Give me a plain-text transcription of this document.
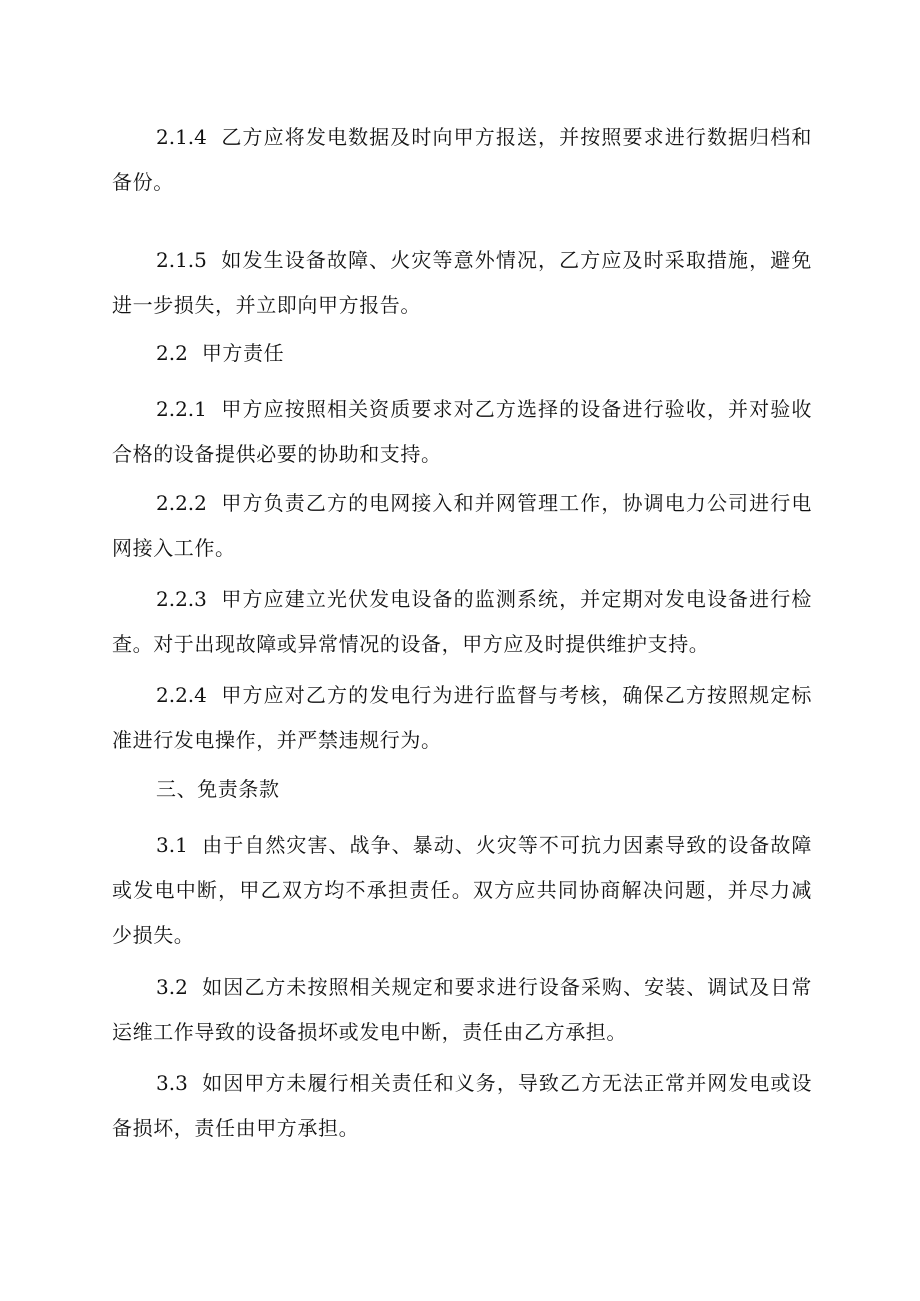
2.1.4 乙方应将发电数据及时向甲方报送，并按照要求进行数据归档和备份。

2.1.5 如发生设备故障、火灾等意外情况，乙方应及时采取措施，避免进一步损失，并立即向甲方报告。

2.2 甲方责任

2.2.1 甲方应按照相关资质要求对乙方选择的设备进行验收，并对验收合格的设备提供必要的协助和支持。

2.2.2 甲方负责乙方的电网接入和并网管理工作，协调电力公司进行电网接入工作。

2.2.3 甲方应建立光伏发电设备的监测系统，并定期对发电设备进行检查。对于出现故障或异常情况的设备，甲方应及时提供维护支持。

2.2.4 甲方应对乙方的发电行为进行监督与考核，确保乙方按照规定标准进行发电操作，并严禁违规行为。

三、免责条款

3.1 由于自然灾害、战争、暴动、火灾等不可抗力因素导致的设备故障或发电中断，甲乙双方均不承担责任。双方应共同协商解决问题，并尽力减少损失。

3.2 如因乙方未按照相关规定和要求进行设备采购、安装、调试及日常运维工作导致的设备损坏或发电中断，责任由乙方承担。

3.3 如因甲方未履行相关责任和义务，导致乙方无法正常并网发电或设备损坏，责任由甲方承担。
